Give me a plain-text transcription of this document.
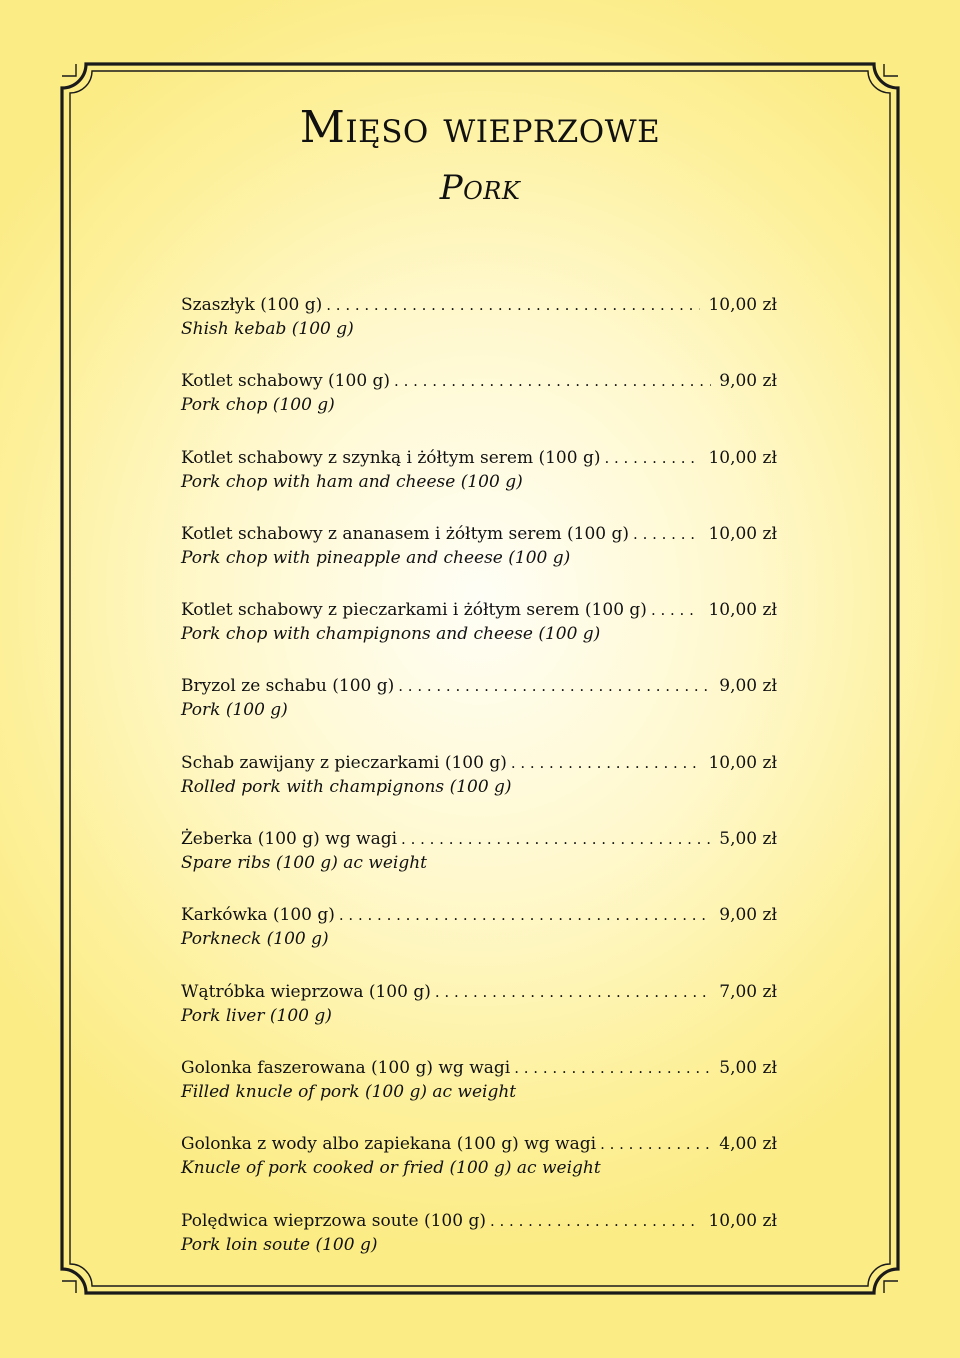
Mięso wieprzowe
Pork
Szaszłyk (100 g) . . .	10,00 zł
Shish kebab (100 g)
Kotlet schabowy (100 g) . . .	9,00 zł
Pork chop (100 g)
Kotlet schabowy z szynką i żółtym serem (100 g) . . .	10,00 zł
Pork chop with ham and cheese (100 g)
Kotlet schabowy z ananasem i żółtym serem (100 g) . . .	10,00 zł
Pork chop with pineapple and cheese (100 g)
Kotlet schabowy z pieczarkami i żółtym serem (100 g) . . .	10,00 zł
Pork chop with champignons and cheese (100 g)
Bryzol ze schabu (100 g) . . .	9,00 zł
Pork (100 g)
Schab zawijany z pieczarkami (100 g) . . .	10,00 zł
Rolled pork with champignons (100 g)
Żeberka (100 g) wg wagi . . .	5,00 zł
Spare ribs (100 g) ac weight
Karkówka (100 g) . . .	9,00 zł
Porkneck (100 g)
Wątróbka wieprzowa (100 g) . . .	7,00 zł
Pork liver (100 g)
Golonka faszerowana (100 g) wg wagi . . .	5,00 zł
Filled knucle of pork (100 g) ac weight
Golonka z wody albo zapiekana (100 g) wg wagi . . .	4,00 zł
Knucle of pork cooked or fried (100 g) ac weight
Polędwica wieprzowa soute (100 g) . . .	10,00 zł
Pork loin soute (100 g)
